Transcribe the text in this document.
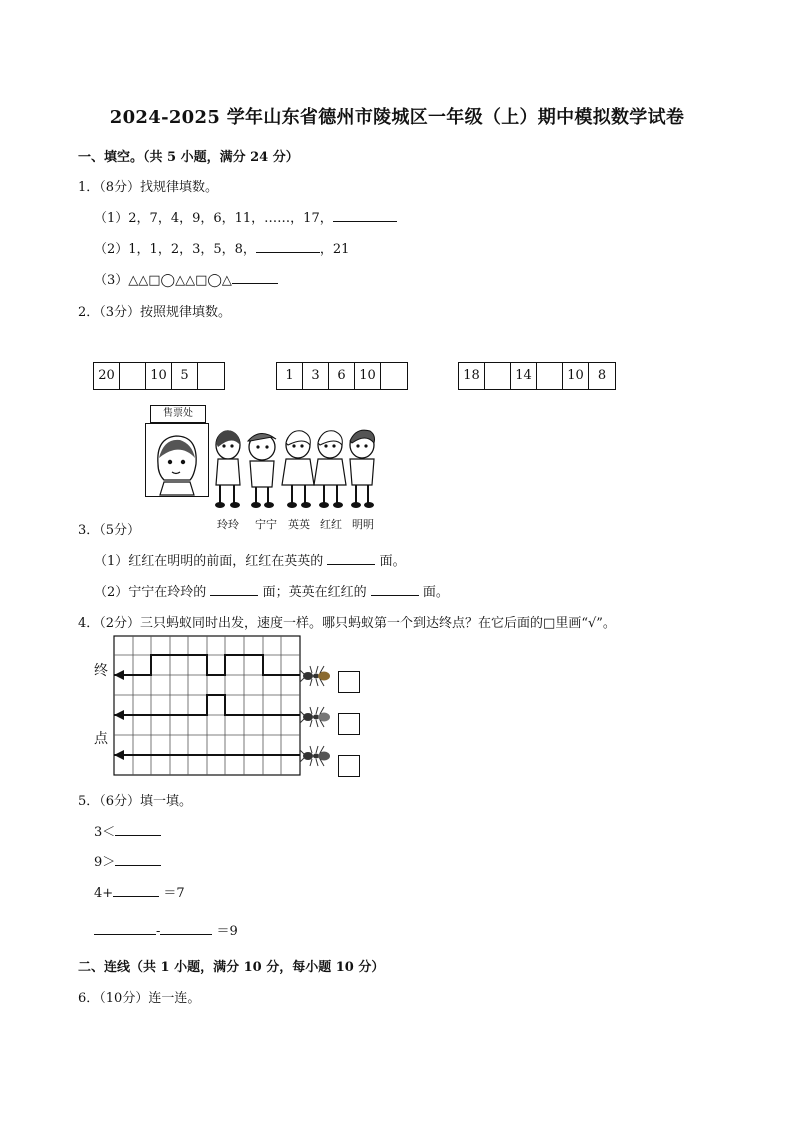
2024-2025 学年山东省德州市陵城区一年级（上）期中模拟数学试卷
一、填空。（共 5 小题，满分 24 分）
1．（8分）找规律填数。
（1）2，7，4，9，6，11，……，17，
（2）1，1，2，3，5，8，	，21
（3）△△□◯△△□◯△
2．（3分）按照规律填数。
20	10	5	1	3	6	10	18	14	10	8
售票处
玲玲 宁宁 英英 红红 明明
3．（5分）
（1）红红在明明的前面，红红在英英的	面。
（2）宁宁在玲玲的	面；英英在红红的	面。
4．（2分）三只蚂蚁同时出发，速度一样。哪只蚂蚁第一个到达终点？在它后面的□里画“√”。
终
点
5．（6分）填一填。
3＜
9＞
4+	＝7
-	＝9
二、连线（共 1 小题，满分 10 分，每小题 10 分）
6．（10分）连一连。
